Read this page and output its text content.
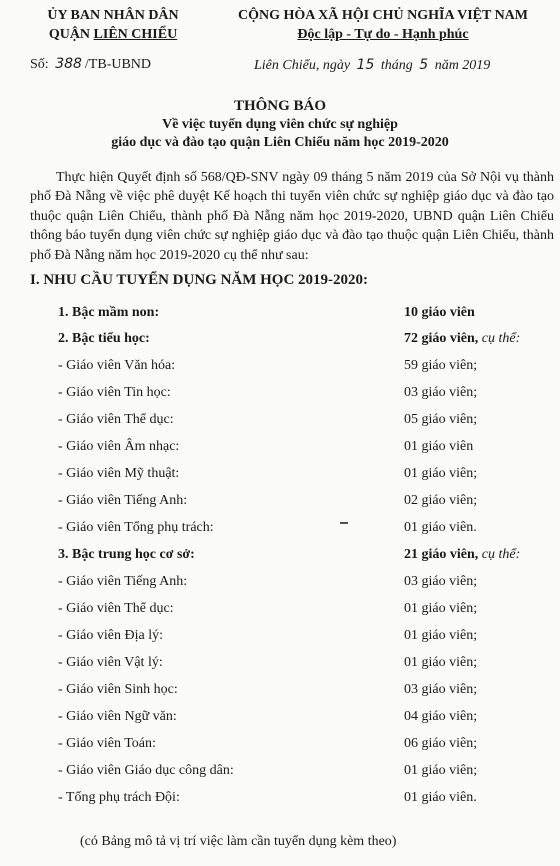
ỦY BAN NHÂN DÂN
QUẬN LIÊN CHIỂU
CỘNG HÒA XÃ HỘI CHỦ NGHĨA VIỆT NAM
Độc lập - Tự do - Hạnh phúc
Số: 388 /TB-UBND	Liên Chiểu, ngày 15 tháng 5 năm 2019
THÔNG BÁO
Về việc tuyển dụng viên chức sự nghiệp
giáo dục và đào tạo quận Liên Chiểu năm học 2019-2020
Thực hiện Quyết định số 568/QĐ-SNV ngày 09 tháng 5 năm 2019 của Sở Nội vụ thành phố Đà Nẵng về việc phê duyệt Kế hoạch thi tuyển viên chức sự nghiệp giáo dục và đào tạo thuộc quận Liên Chiểu, thành phố Đà Nẵng năm học 2019-2020, UBND quận Liên Chiểu thông báo tuyển dụng viên chức sự nghiệp giáo dục và đào tạo thuộc quận Liên Chiểu, thành phố Đà Nẵng năm học 2019-2020 cụ thể như sau:
I. NHU CẦU TUYỂN DỤNG NĂM HỌC 2019-2020:
1. Bậc mầm non:	10 giáo viên
2. Bậc tiểu học:	72 giáo viên, cụ thể:
- Giáo viên Văn hóa:	59 giáo viên;
- Giáo viên Tin học:	03 giáo viên;
- Giáo viên Thể dục:	05 giáo viên;
- Giáo viên Âm nhạc:	01 giáo viên
- Giáo viên Mỹ thuật:	01 giáo viên;
- Giáo viên Tiếng Anh:	02 giáo viên;
- Giáo viên Tổng phụ trách:	01 giáo viên.
3. Bậc trung học cơ sở:	21 giáo viên, cụ thể:
- Giáo viên Tiếng Anh:	03 giáo viên;
- Giáo viên Thể dục:	01 giáo viên;
- Giáo viên Địa lý:	01 giáo viên;
- Giáo viên Vật lý:	01 giáo viên;
- Giáo viên Sinh học:	03 giáo viên;
- Giáo viên Ngữ văn:	04 giáo viên;
- Giáo viên Toán:	06 giáo viên;
- Giáo viên Giáo dục công dân:	01 giáo viên;
- Tổng phụ trách Đội:	01 giáo viên.
(có Bảng mô tả vị trí việc làm cần tuyển dụng kèm theo)
